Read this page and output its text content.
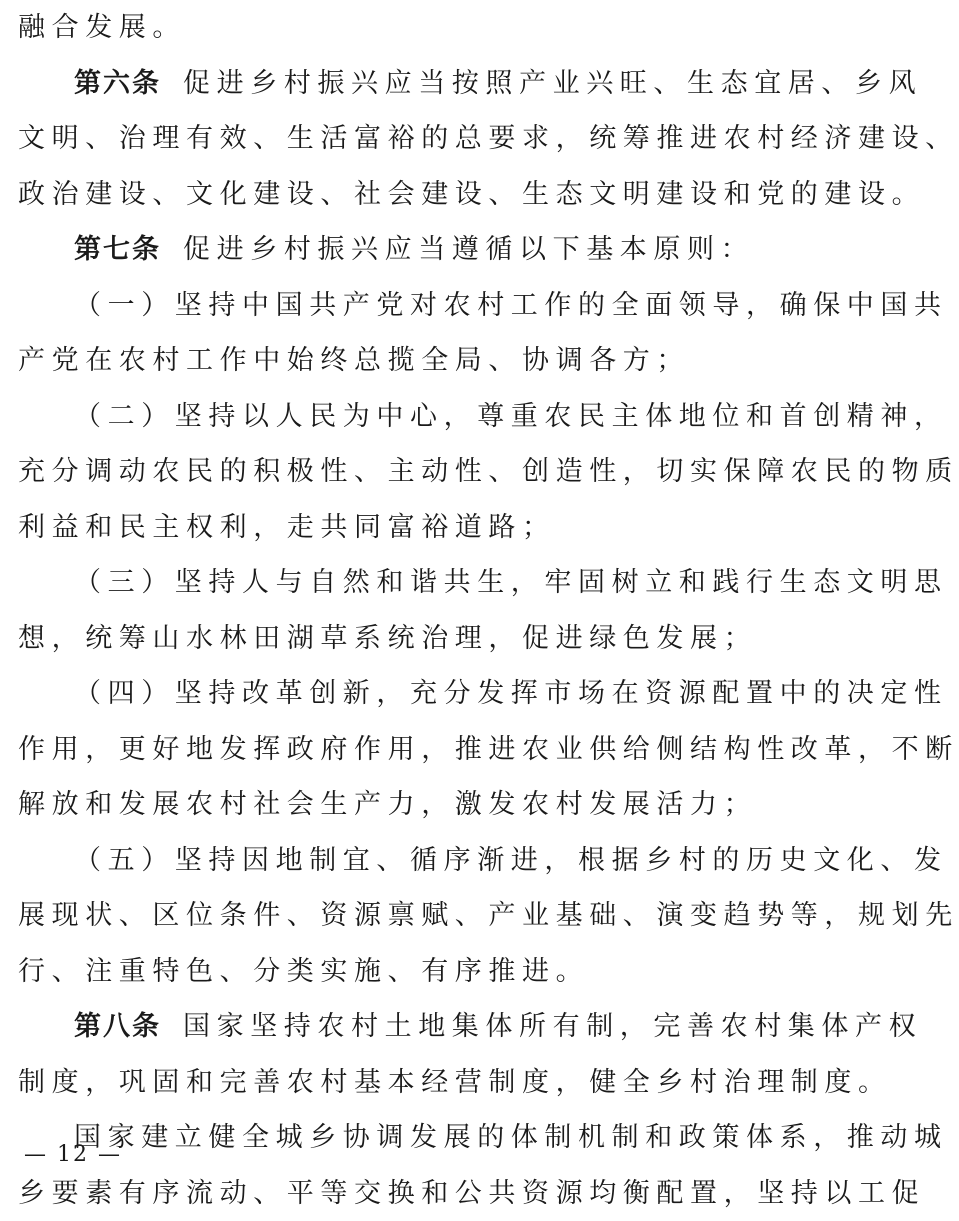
融合发展。
第六条 促进乡村振兴应当按照产业兴旺、生态宜居、乡风
文明、治理有效、生活富裕的总要求，统筹推进农村经济建设、
政治建设、文化建设、社会建设、生态文明建设和党的建设。
第七条 促进乡村振兴应当遵循以下基本原则：
（一）坚持中国共产党对农村工作的全面领导，确保中国共
产党在农村工作中始终总揽全局、协调各方；
（二）坚持以人民为中心，尊重农民主体地位和首创精神，
充分调动农民的积极性、主动性、创造性，切实保障农民的物质
利益和民主权利，走共同富裕道路；
（三）坚持人与自然和谐共生，牢固树立和践行生态文明思
想，统筹山水林田湖草系统治理，促进绿色发展；
（四）坚持改革创新，充分发挥市场在资源配置中的决定性
作用，更好地发挥政府作用，推进农业供给侧结构性改革，不断
解放和发展农村社会生产力，激发农村发展活力；
（五）坚持因地制宜、循序渐进，根据乡村的历史文化、发
展现状、区位条件、资源禀赋、产业基础、演变趋势等，规划先
行、注重特色、分类实施、有序推进。
第八条 国家坚持农村土地集体所有制，完善农村集体产权
制度，巩固和完善农村基本经营制度，健全乡村治理制度。
国家建立健全城乡协调发展的体制机制和政策体系，推动城
乡要素有序流动、平等交换和公共资源均衡配置，坚持以工促
— 12 —
